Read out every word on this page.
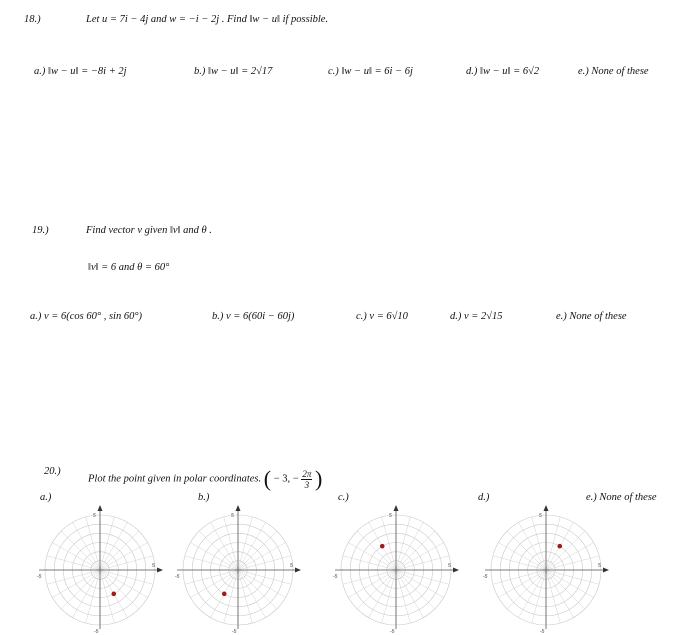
18.)	Let u = 7i − 4j and w = −i − 2j . Find ‖w − u‖ if possible.
a.) ‖w − u‖ = −8i + 2j	b.) ‖w − u‖ = 2√17	c.) ‖w − u‖ = 6i − 6j	d.) ‖w − u‖ = 6√2	e.) None of these
19.)	Find vector v given ‖v‖ and θ .
‖v‖ = 6 and θ = 60°
a.) v = 6(cos 60° , sin 60°)	b.) v = 6(60i − 60j)	c.) v = 6√10	d.) v = 2√15	e.) None of these
20.)
Plot the point given in polar coordinates. ( − 3, − $\frac{2\pi}{3}$ )
a.)	b.)	c.)	d.)	e.) None of these
5
-5
5
-5
5
-5
5
-5
5
-5
5
-5
5
-5
5
-5
